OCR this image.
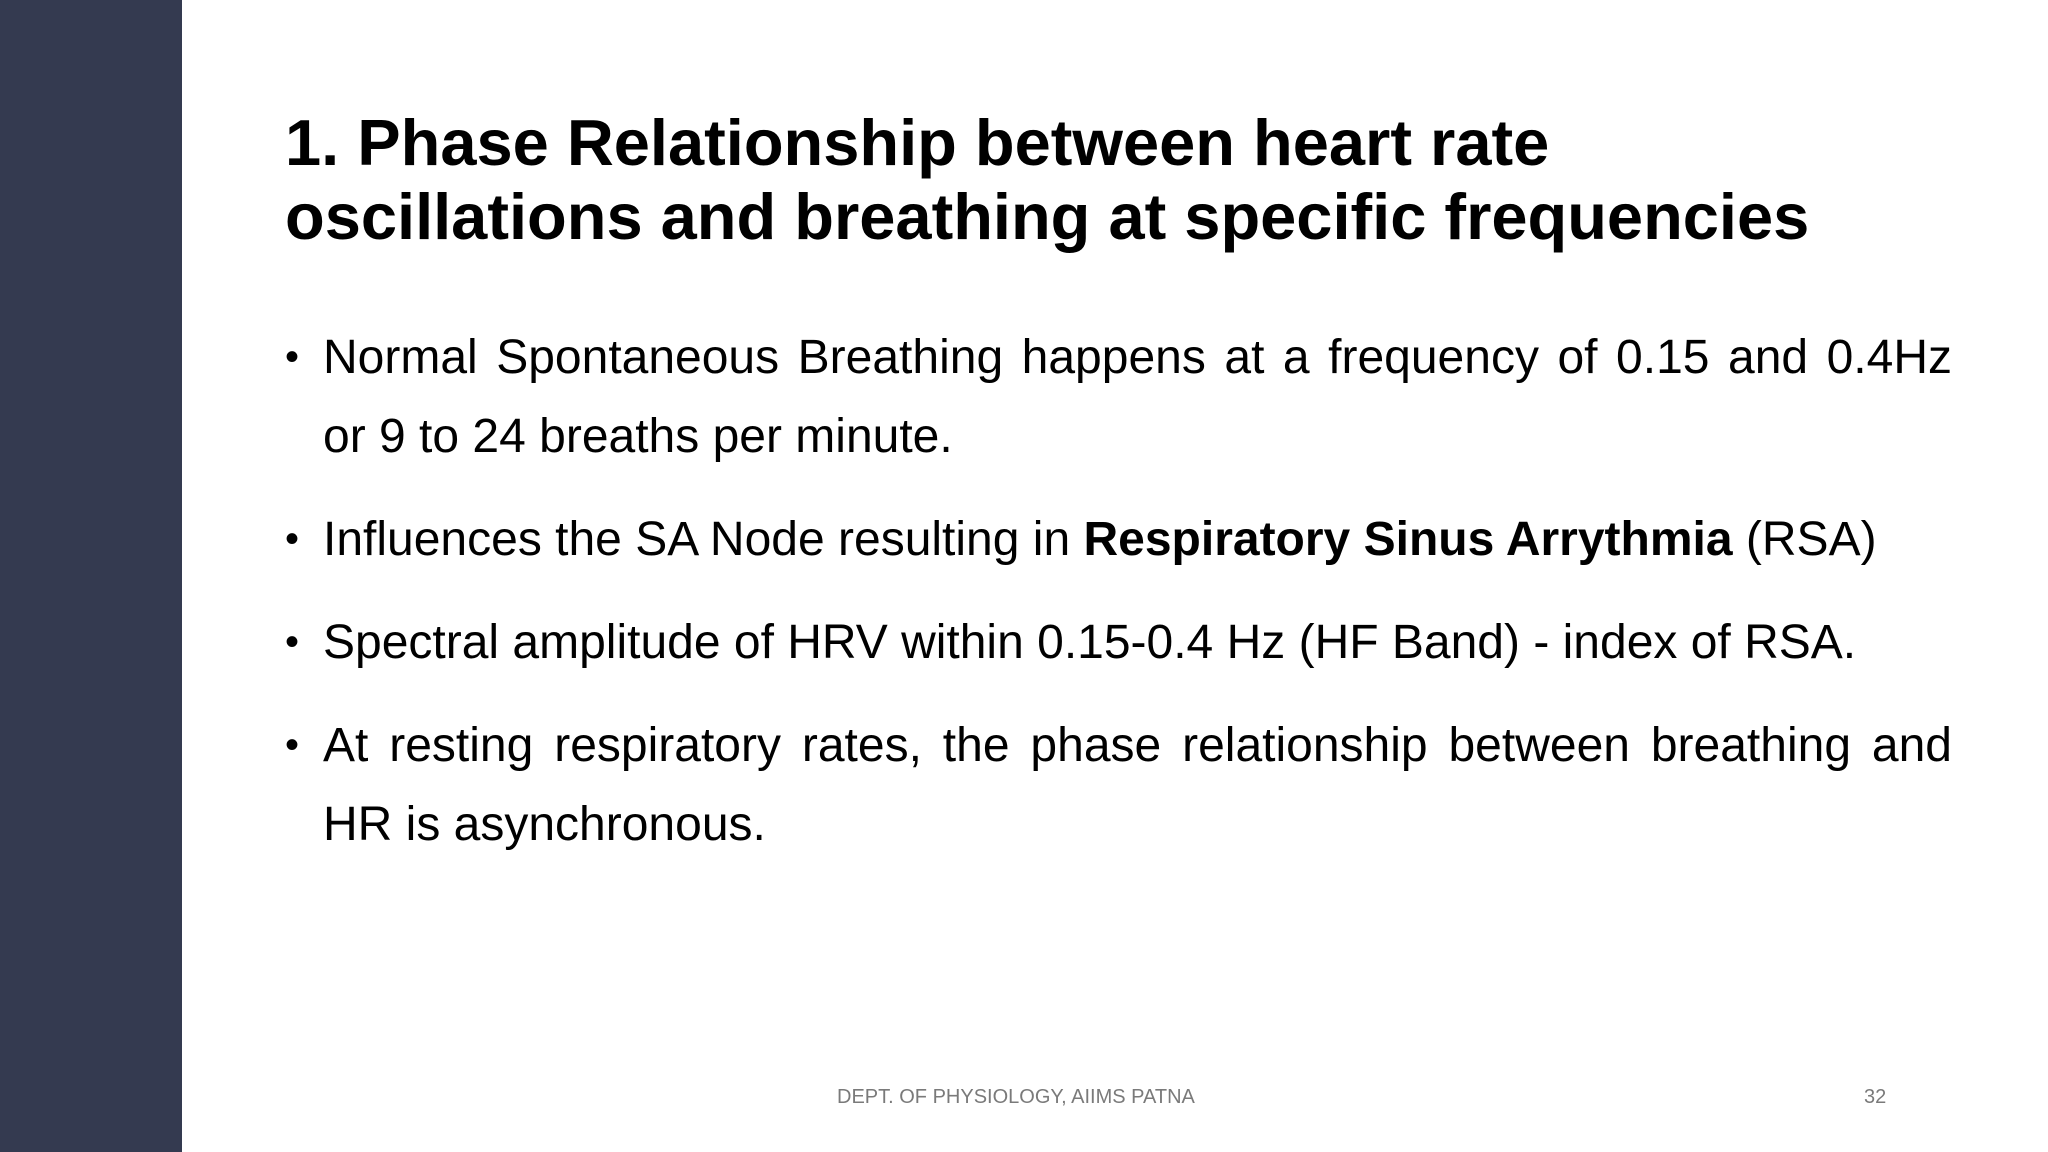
1. Phase Relationship between heart rate
oscillations and breathing at specific frequencies
• Normal Spontaneous Breathing happens at a frequency of 0.15 and 0.4Hz or 9 to 24 breaths per minute.
• Influences the SA Node resulting in Respiratory Sinus Arrythmia (RSA)
• Spectral amplitude of HRV within 0.15-0.4 Hz (HF Band) - index of RSA.
• At resting respiratory rates, the phase relationship between breathing and HR is asynchronous.
DEPT. OF PHYSIOLOGY, AIIMS PATNA	32
